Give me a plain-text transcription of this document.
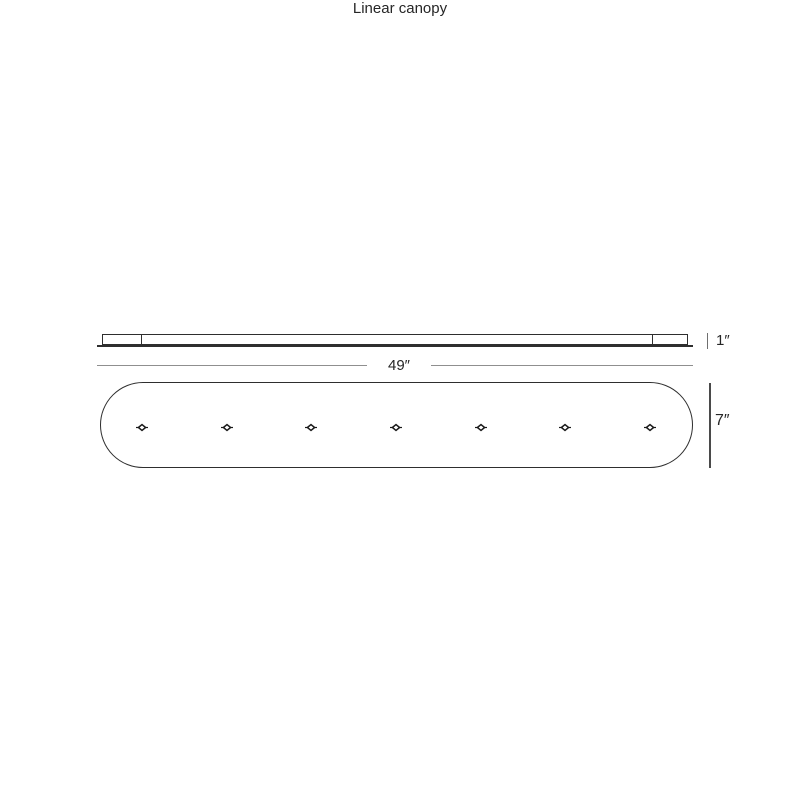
Linear canopy
1″
49″
7″
